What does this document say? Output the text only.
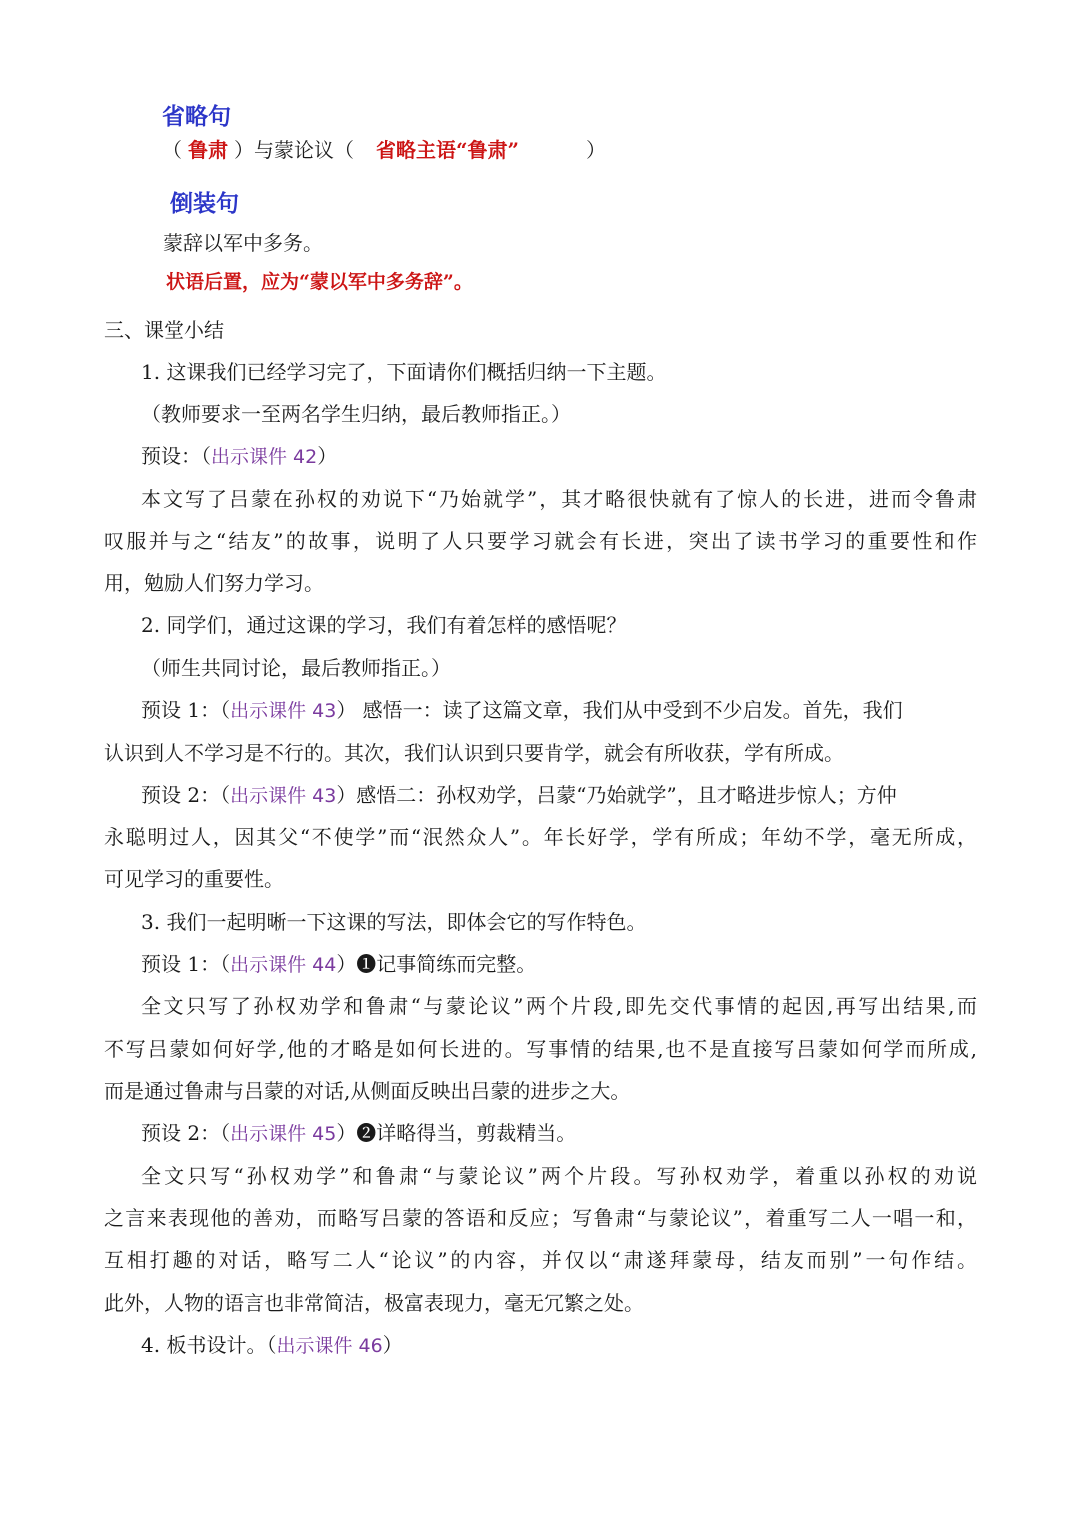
省略句
（ 鲁肃 ）与蒙论议（ 省略主语“鲁肃”	）
倒装句
蒙辞以军中多务。
状语后置，应为“蒙以军中多务辞”。
三、课堂小结
1. 这课我们已经学习完了，下面请你们概括归纳一下主题。
（教师要求一至两名学生归纳，最后教师指正。）
预设：（出示课件 42）
本文写了吕蒙在孙权的劝说下“乃始就学”，其才略很快就有了惊人的长进，进而令鲁肃
叹服并与之“结友”的故事，说明了人只要学习就会有长进，突出了读书学习的重要性和作
用，勉励人们努力学习。
2. 同学们，通过这课的学习，我们有着怎样的感悟呢？
（师生共同讨论，最后教师指正。）
预设 1：（出示课件 43） 感悟一：读了这篇文章，我们从中受到不少启发。首先，我们
认识到人不学习是不行的。其次，我们认识到只要肯学，就会有所收获，学有所成。
预设 2：（出示课件 43）感悟二：孙权劝学，吕蒙“乃始就学”，且才略进步惊人；方仲
永聪明过人，因其父“不使学”而“泯然众人”。年长好学，学有所成；年幼不学，毫无所成，
可见学习的重要性。
3. 我们一起明晰一下这课的写法，即体会它的写作特色。
预设 1：（出示课件 44）❶记事简练而完整。
全文只写了孙权劝学和鲁肃“与蒙论议”两个片段,即先交代事情的起因,再写出结果,而
不写吕蒙如何好学,他的才略是如何长进的。写事情的结果,也不是直接写吕蒙如何学而所成,
而是通过鲁肃与吕蒙的对话,从侧面反映出吕蒙的进步之大。
预设 2：（出示课件 45）❷详略得当，剪裁精当。
全文只写“孙权劝学”和鲁肃“与蒙论议”两个片段。写孙权劝学，着重以孙权的劝说
之言来表现他的善劝，而略写吕蒙的答语和反应；写鲁肃“与蒙论议”，着重写二人一唱一和，
互相打趣的对话，略写二人“论议”的内容，并仅以“肃遂拜蒙母，结友而别”一句作结。
此外，人物的语言也非常简洁，极富表现力，毫无冗繁之处。
4. 板书设计。（出示课件 46）
